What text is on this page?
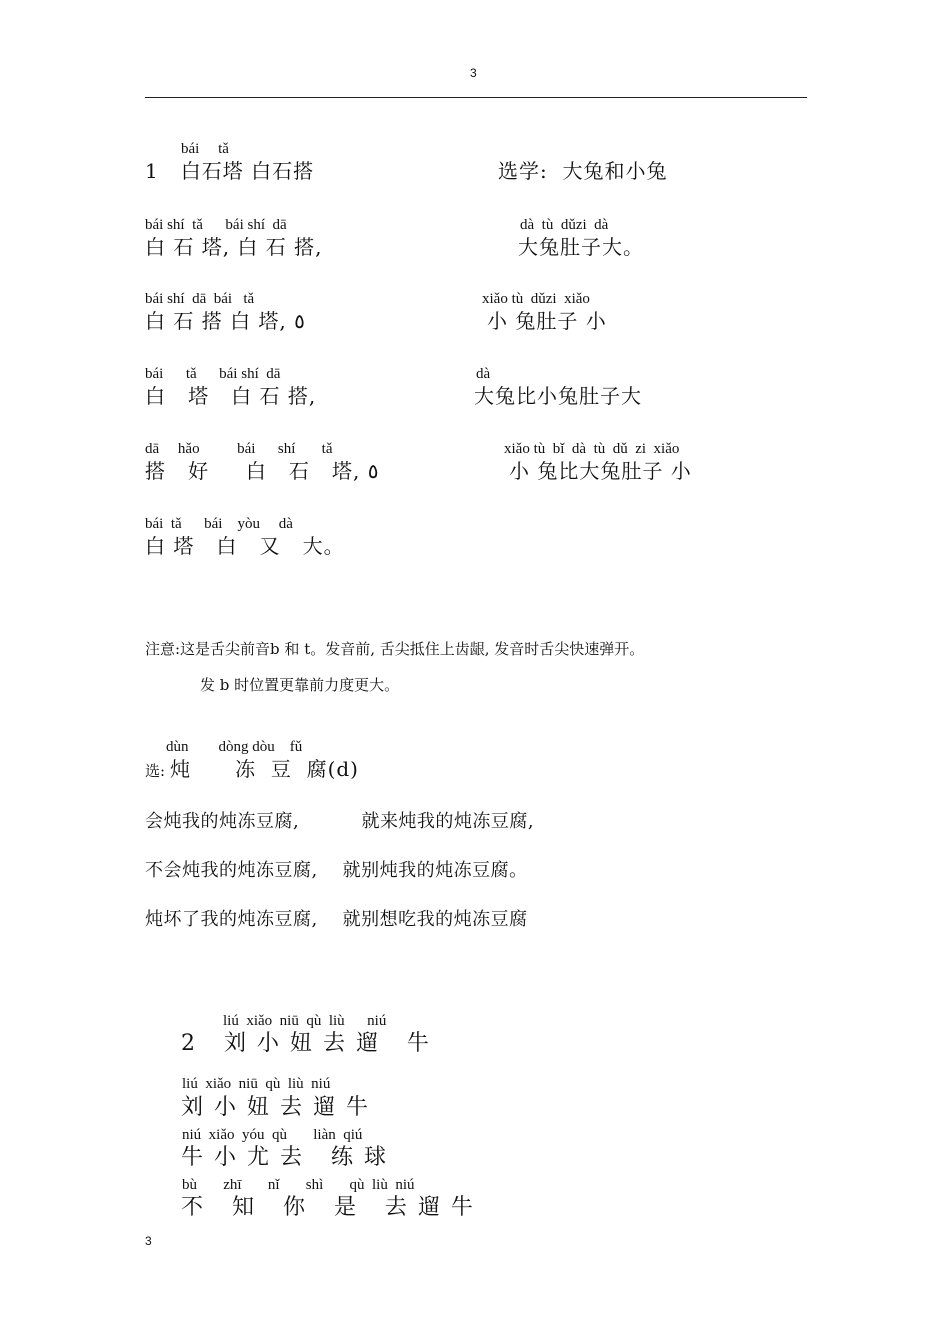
3
bái     tǎ
1   白石塔 白石搭	选学:  大兔和小兔
bái shí  tǎ      bái shí  dā
白 石 塔, 白 石 搭,
bái shí  dā  bái   tǎ
白 石 搭 白 塔, ٥
bái      tǎ      bái shí  dā
白   塔   白 石 搭,
dā     hǎo          bái      shí       tǎ
搭   好     白   石   塔, ٥
bái  tǎ      bái    yòu     dà
白 塔   白   又   大。
dà  tù  dǔzi  dà
大兔肚子大。
xiǎo tù  dǔzi  xiǎo
小 兔肚子 小
dà
大兔比小兔肚子大
xiǎo tù  bǐ  dà  tù  dǔ  zi  xiǎo
小 兔比大兔肚子 小
注意:这是舌尖前音b 和 t。发音前, 舌尖抵住上齿龈, 发音时舌尖快速弹开。
发 b 时位置更靠前力度更大。
dùn        dòng dòu    fǔ
选: 炖      冻  豆  腐(d)
会炖我的炖冻豆腐,          就来炖我的炖冻豆腐,
不会炖我的炖冻豆腐,    就别炖我的炖冻豆腐。
炖坏了我的炖冻豆腐,    就别想吃我的炖冻豆腐
liú  xiǎo  niū  qù  liù      niú
2   刘 小 妞 去 遛   牛
liú  xiǎo  niū  qù  liù  niú
刘 小 妞 去 遛 牛
niú  xiǎo  yóu  qù       liàn  qiú
牛 小 尤 去   练 球
bù       zhī       nǐ       shì       qù  liù  niú
不   知   你   是   去 遛 牛
3
